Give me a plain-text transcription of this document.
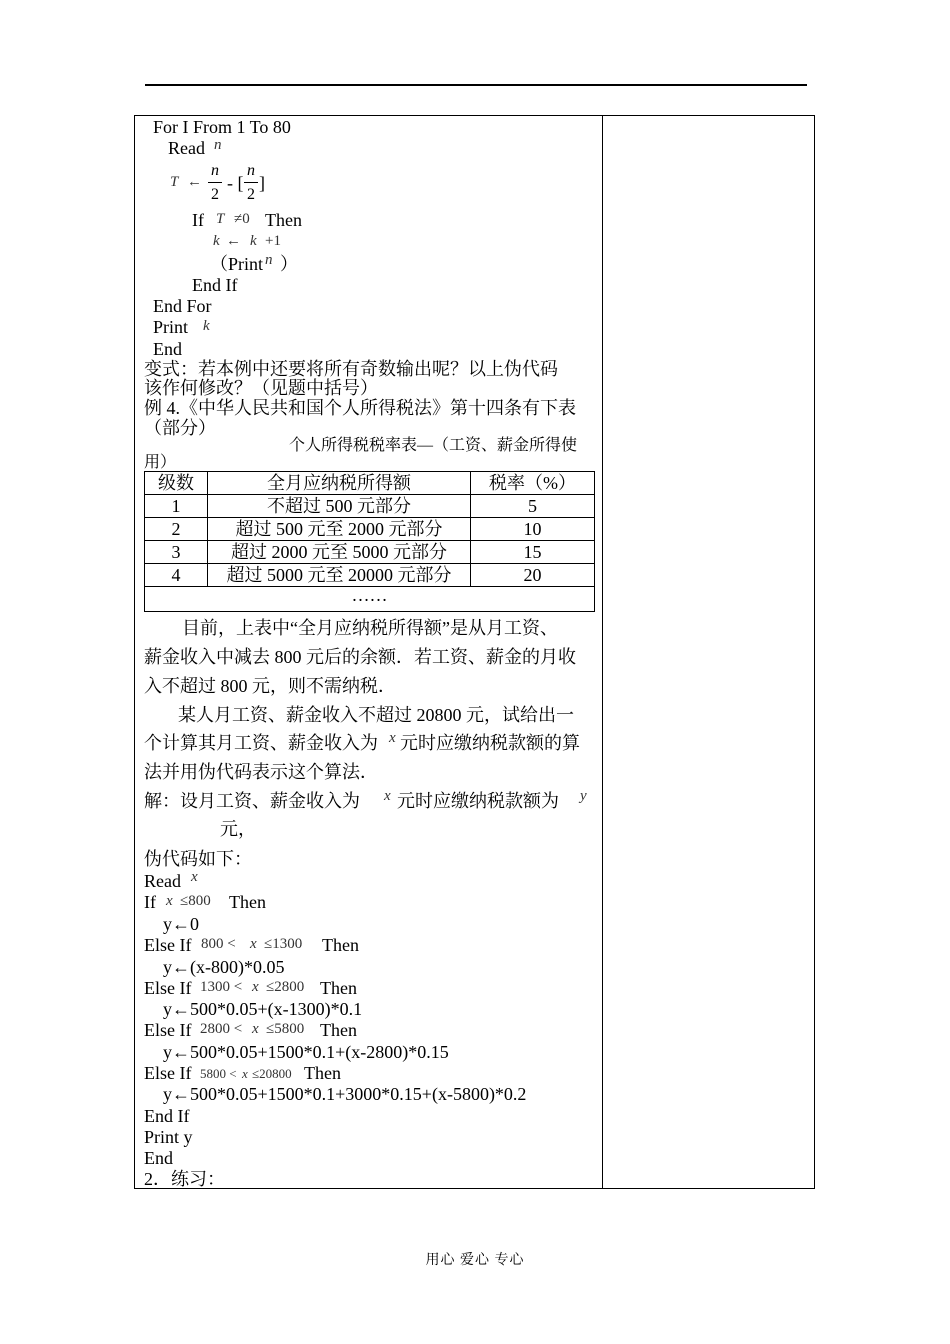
For I From 1 To 80
Read n
T ←
n
2
- [
n
2
]
If T ≠0 Then
k ← k +1
（Print n ）
End If
End For
Print k
End
变式：若本例中还要将所有奇数输出呢？以上伪代码
该作何修改？（见题中括号）
例 4.《中华人民共和国个人所得税法》第十四条有下表
（部分）
个人所得税税率表—（工资、薪金所得使
用）
级数	全月应纳税所得额	税率（%）
1	不超过 500 元部分	5
2	超过 500 元至 2000 元部分	10
3	超过 2000 元至 5000 元部分	15
4	超过 5000 元至 20000 元部分	20
……		
目前，上表中“全月应纳税所得额”是从月工资、
薪金收入中减去 800 元后的余额．若工资、薪金的月收
入不超过 800 元，则不需纳税．
某人月工资、薪金收入不超过 20800 元，试给出一
个计算其月工资、薪金收入为 x 元时应缴纳税款额的算
法并用伪代码表示这个算法．
解：设月工资、薪金收入为 x 元时应缴纳税款额为 y
元，
伪代码如下：
Read x
If x ≤800 Then
y←0
Else If 800 < x ≤1300 Then
y←(x-800)*0.05
Else If 1300 < x ≤2800 Then
y←500*0.05+(x-1300)*0.1
Else If 2800 < x ≤5800 Then
y←500*0.05+1500*0.1+(x-2800)*0.15
Else If 5800 < x ≤20800 Then
y←500*0.05+1500*0.1+3000*0.15+(x-5800)*0.2
End If
Print y
End
2．练习：
用心 爱心 专心
